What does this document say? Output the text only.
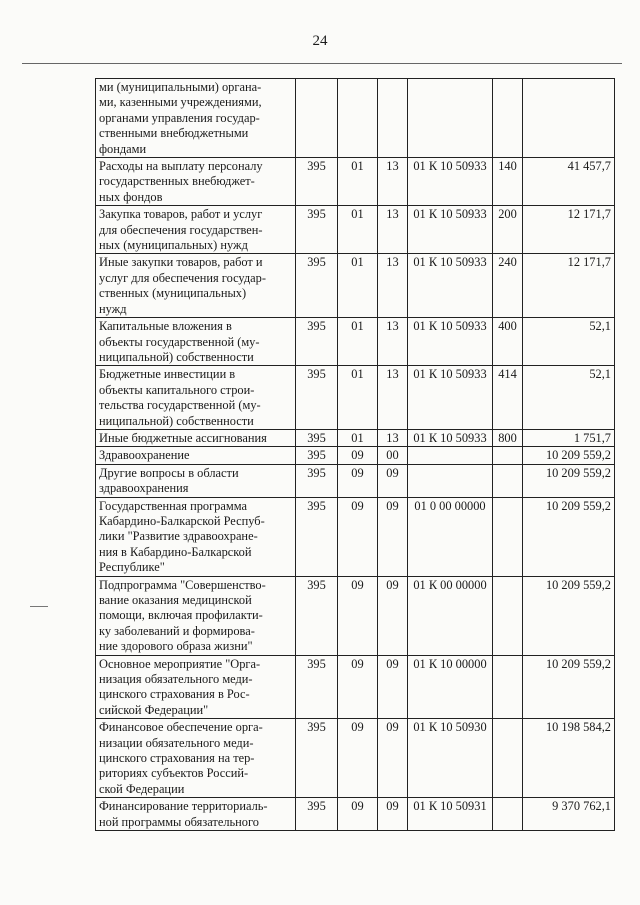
24
ми (муниципальными) органа-
ми, казенными учреждениями,
органами управления государ-
ственными внебюджетными
фондами						
Расходы на выплату персоналу
государственных внебюджет-
ных фондов	395	01	13	01 К 10 50933	140	41 457,7
Закупка товаров, работ и услуг
для обеспечения государствен-
ных (муниципальных) нужд	395	01	13	01 К 10 50933	200	12 171,7
Иные закупки товаров, работ и
услуг для обеспечения государ-
ственных (муниципальных)
нужд	395	01	13	01 К 10 50933	240	12 171,7
Капитальные вложения в
объекты государственной (му-
ниципальной) собственности	395	01	13	01 К 10 50933	400	52,1
Бюджетные инвестиции в
объекты капитального строи-
тельства государственной (му-
ниципальной) собственности	395	01	13	01 К 10 50933	414	52,1
Иные бюджетные ассигнования	395	01	13	01 К 10 50933	800	1 751,7
Здравоохранение	395	09	00			10 209 559,2
Другие вопросы в области
здравоохранения	395	09	09			10 209 559,2
Государственная программа
Кабардино-Балкарской Респуб-
лики "Развитие здравоохране-
ния в Кабардино-Балкарской
Республике"	395	09	09	01 0 00 00000		10 209 559,2
Подпрограмма "Совершенство-
вание оказания медицинской
помощи, включая профилакти-
ку заболеваний и формирова-
ние здорового образа жизни"	395	09	09	01 К 00 00000		10 209 559,2
Основное мероприятие "Орга-
низация обязательного меди-
цинского страхования в Рос-
сийской Федерации"	395	09	09	01 К 10 00000		10 209 559,2
Финансовое обеспечение орга-
низации обязательного меди-
цинского страхования на тер-
риториях субъектов Россий-
ской Федерации	395	09	09	01 К 10 50930		10 198 584,2
Финансирование территориаль-
ной программы обязательного	395	09	09	01 К 10 50931		9 370 762,1
